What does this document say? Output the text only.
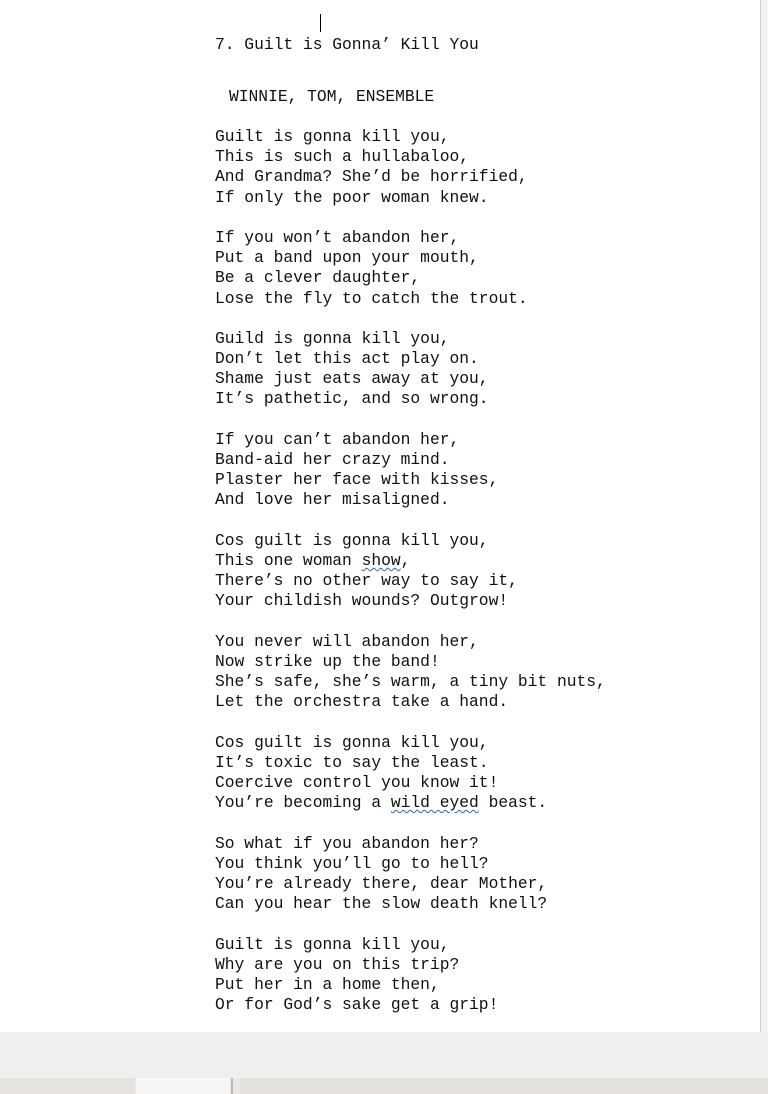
7. Guilt is Gonna’ Kill You
WINNIE, TOM, ENSEMBLE
Guilt is gonna kill you,
This is such a hullabaloo,
And Grandma? She’d be horrified,
If only the poor woman knew.
If you won’t abandon her,
Put a band upon your mouth,
Be a clever daughter,
Lose the fly to catch the trout.
Guild is gonna kill you,
Don’t let this act play on.
Shame just eats away at you,
It’s pathetic, and so wrong.
If you can’t abandon her,
Band-aid her crazy mind.
Plaster her face with kisses,
And love her misaligned.
Cos guilt is gonna kill you,
This one woman show,
There’s no other way to say it,
Your childish wounds? Outgrow!
You never will abandon her,
Now strike up the band!
She’s safe, she’s warm, a tiny bit nuts,
Let the orchestra take a hand.
Cos guilt is gonna kill you,
It’s toxic to say the least.
Coercive control you know it!
You’re becoming a wild eyed beast.
So what if you abandon her?
You think you’ll go to hell?
You’re already there, dear Mother,
Can you hear the slow death knell?
Guilt is gonna kill you,
Why are you on this trip?
Put her in a home then,
Or for God’s sake get a grip!
